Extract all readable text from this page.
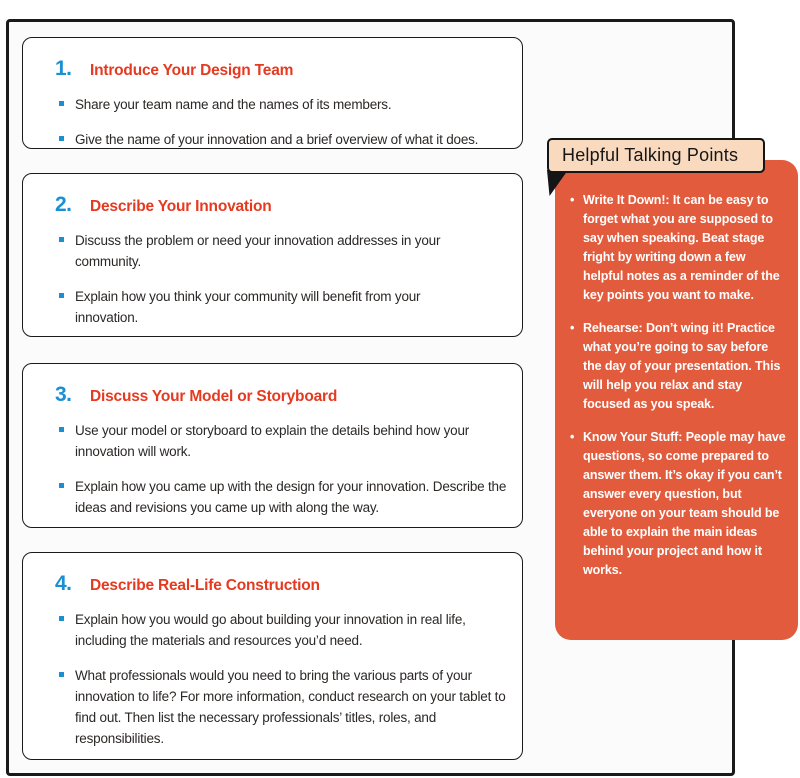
1.	Introduce Your Design Team
Share your team name and the names of its members.
Give the name of your innovation and a brief overview of what it does.
2.	Describe Your Innovation
Discuss the problem or need your innovation addresses in your community.
Explain how you think your community will benefit from your innovation.
3.	Discuss Your Model or Storyboard
Use your model or storyboard to explain the details behind how your innovation will work.
Explain how you came up with the design for your innovation. Describe the ideas and revisions you came up with along the way.
4.	Describe Real-Life Construction
Explain how you would go about building your innovation in real life, including the materials and resources you’d need.
What professionals would you need to bring the various parts of your innovation to life? For more information, conduct research on your tablet to find out. Then list the necessary professionals’ titles, roles, and responsibilities.
• Write It Down!: It can be easy to forget what you are supposed to say when speaking. Beat stage fright by writing down a few helpful notes as a reminder of the key points you want to make.
• Rehearse: Don’t wing it! Practice what you’re going to say before the day of your presentation. This will help you relax and stay focused as you speak.
• Know Your Stuff: People may have questions, so come prepared to answer them. It’s okay if you can’t answer every question, but everyone on your team should be able to explain the main ideas behind your project and how it works.
Helpful Talking Points
